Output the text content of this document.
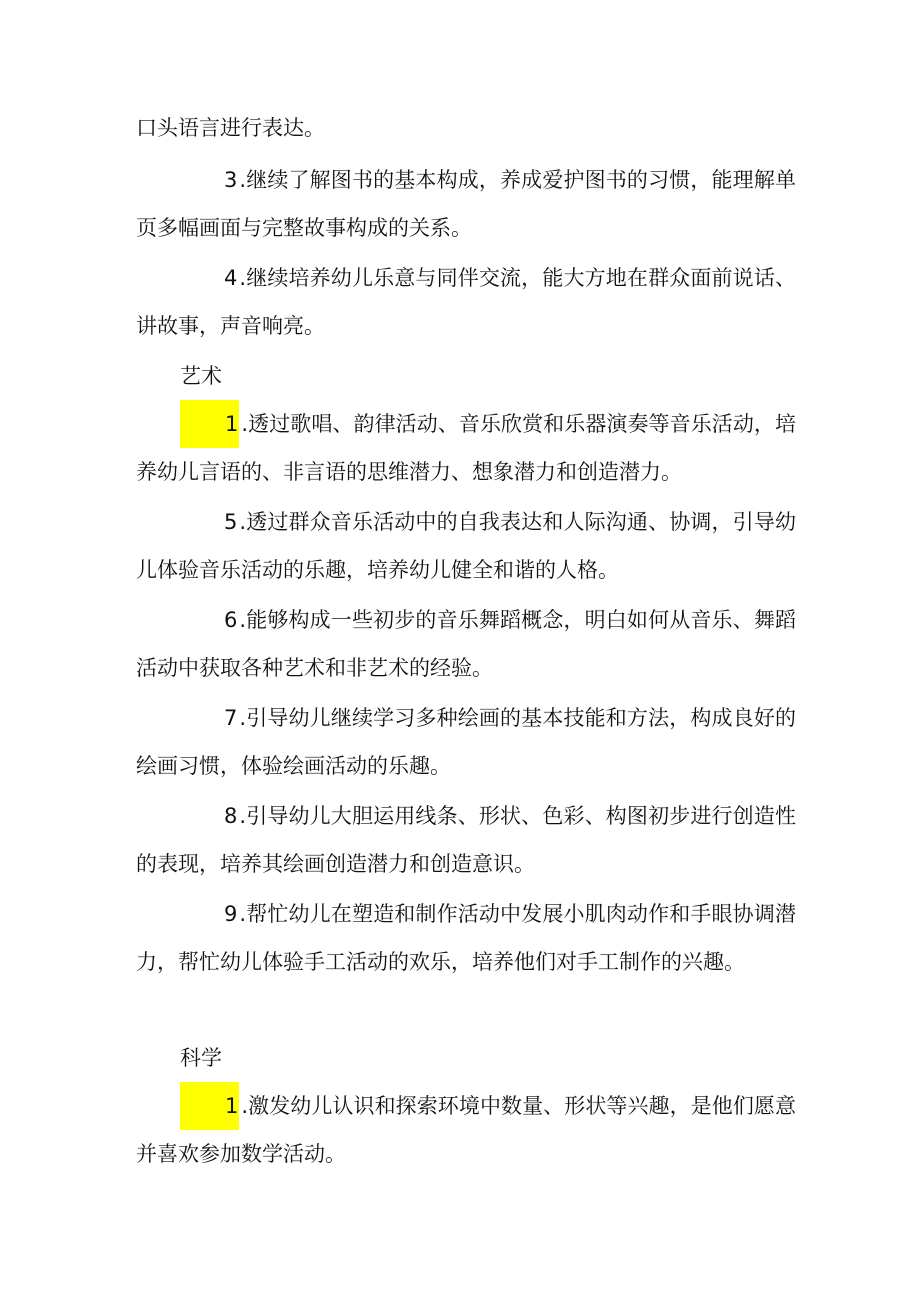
口头语言进行表达。

3.继续了解图书的基本构成，养成爱护图书的习惯，能理解单页多幅画面与完整故事构成的关系。

4.继续培养幼儿乐意与同伴交流，能大方地在群众面前说话、讲故事，声音响亮。

艺术

1 .透过歌唱、韵律活动、音乐欣赏和乐器演奏等音乐活动，培养幼儿言语的、非言语的思维潜力、想象潜力和创造潜力。

5.透过群众音乐活动中的自我表达和人际沟通、协调，引导幼儿体验音乐活动的乐趣，培养幼儿健全和谐的人格。

6.能够构成一些初步的音乐舞蹈概念，明白如何从音乐、舞蹈活动中获取各种艺术和非艺术的经验。

7.引导幼儿继续学习多种绘画的基本技能和方法，构成良好的绘画习惯，体验绘画活动的乐趣。

8.引导幼儿大胆运用线条、形状、色彩、构图初步进行创造性的表现，培养其绘画创造潜力和创造意识。

9.帮忙幼儿在塑造和制作活动中发展小肌肉动作和手眼协调潜力，帮忙幼儿体验手工活动的欢乐，培养他们对手工制作的兴趣。

科学

1 .激发幼儿认识和探索环境中数量、形状等兴趣，是他们愿意并喜欢参加数学活动。
